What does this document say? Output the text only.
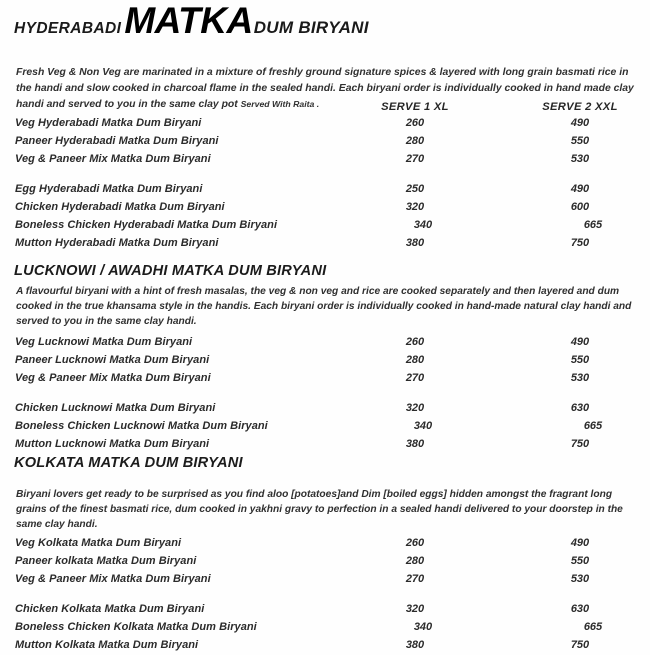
HYDERABADI MATKA DUM BIRYANI

Fresh Veg & Non Veg are marinated in a mixture of freshly ground signature spices & layered with long grain basmati rice in the handi and slow cooked in charcoal flame in the sealed handi. Each biryani order is individually cooked in hand made clay handi and served to you in the same clay pot Served With Raita .	SERVE 1 XL	SERVE 2 XXL
Veg Hyderabadi Matka Dum Biryani	260	490
Paneer Hyderabadi Matka Dum Biryani	280	550
Veg & Paneer Mix Matka Dum Biryani	270	530
Egg Hyderabadi Matka Dum Biryani	250	490
Chicken Hyderabadi Matka Dum Biryani	320	600
Boneless Chicken Hyderabadi Matka Dum Biryani	340	665
Mutton Hyderabadi Matka Dum Biryani	380	750
LUCKNOWI / AWADHI MATKA DUM BIRYANI
A flavourful biryani with a hint of fresh masalas, the veg & non veg and rice are cooked separately and then layered and dum cooked in the true khansama style in the handis. Each biryani order is individually cooked in hand-made natural clay handi and served to you in the same clay handi.
Veg Lucknowi Matka Dum Biryani	260	490
Paneer Lucknowi Matka Dum Biryani	280	550
Veg & Paneer Mix Matka Dum Biryani	270	530
Chicken Lucknowi Matka Dum Biryani	320	630
Boneless Chicken Lucknowi Matka Dum Biryani	340	665
Mutton Lucknowi Matka Dum Biryani	380	750
KOLKATA MATKA DUM BIRYANI
Biryani lovers get ready to be surprised as you find aloo [potatoes]and Dim [boiled eggs] hidden amongst the fragrant long grains of the finest basmati rice, dum cooked in yakhni gravy to perfection in a sealed handi delivered to your doorstep in the same clay handi.
Veg Kolkata Matka Dum Biryani	260	490
Paneer kolkata Matka Dum Biryani	280	550
Veg & Paneer Mix Matka Dum Biryani	270	530
Chicken Kolkata Matka Dum Biryani	320	630
Boneless Chicken Kolkata Matka Dum Biryani	340	665
Mutton Kolkata Matka Dum Biryani	380	750
